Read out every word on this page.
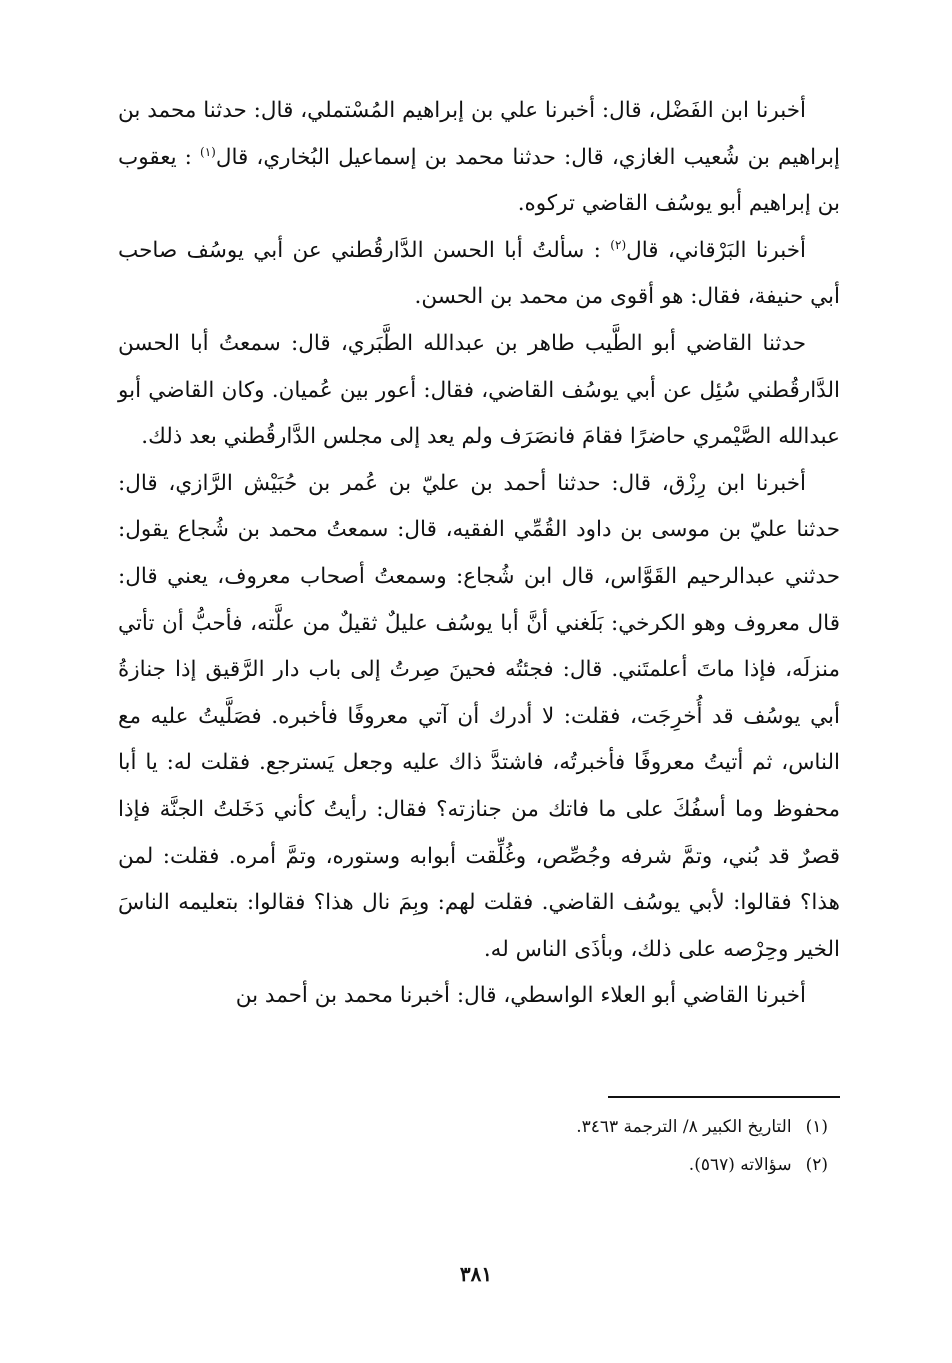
أخبرنا ابن الفَضْل، قال: أخبرنا علي بن إبراهيم المُسْتملي، قال: حدثنا محمد بن إبراهيم بن شُعيب الغازي، قال: حدثنا محمد بن إسماعيل البُخاري، قال$^{(١)}$ : يعقوب بن إبراهيم أبو يوسُف القاضي تركوه.

أخبرنا البَرْقاني، قال$^{(٢)}$ : سألتُ أبا الحسن الدَّارقُطني عن أبي يوسُف صاحب أبي حنيفة، فقال: هو أقوى من محمد بن الحسن.

حدثنا القاضي أبو الطَّيب طاهر بن عبدالله الطَّبَري، قال: سمعتُ أبا الحسن الدَّارقُطني سُئِل عن أبي يوسُف القاضي، فقال: أعور بين عُميان. وكان القاضي أبو عبدالله الصَّيْمري حاضرًا فقامَ فانصَرَف ولم يعد إلى مجلس الدَّارقُطني بعد ذلك.

أخبرنا ابن رِزْق، قال: حدثنا أحمد بن عليّ بن عُمر بن حُبَيْش الرَّازي، قال: حدثنا عليّ بن موسى بن داود القُمِّي الفقيه، قال: سمعتُ محمد بن شُجاع يقول: حدثني عبدالرحيم القَوَّاس، قال ابن شُجاع: وسمعتُ أصحاب معروف، يعني قال: قال معروف وهو الكرخي: بَلَغني أنَّ أبا يوسُف عليلٌ ثقيلٌ من علَّته، فأحبُّ أن تأتي منزلَه، فإذا ماتَ أعلمتَني. قال: فجئتُه فحينَ صِرتُ إلى باب دار الرَّقيق إذا جنازةُ أبي يوسُف قد أُخرِجَت، فقلت: لا أدرك أن آتي معروفًا فأخبره. فصَلَّيتُ عليه مع الناس، ثم أتيتُ معروفًا فأخبرتُه، فاشتدَّ ذاك عليه وجعل يَسترجع. فقلت له: يا أبا محفوظ وما أسفُكَ على ما فاتك من جنازته؟ فقال: رأيتُ كأني دَخَلتُ الجنَّة فإذا قصرٌ قد بُني، وتمَّ شرفه وجُصِّص، وغُلِّقت أبوابه وستوره، وتمَّ أمره. فقلت: لمن هذا؟ فقالوا: لأبي يوسُف القاضي. فقلت لهم: وبِمَ نال هذا؟ فقالوا: بتعليمه الناسَ الخير وحِرْصه على ذلك، وبأذَى الناس له.

أخبرنا القاضي أبو العلاء الواسطي، قال: أخبرنا محمد بن أحمد بن

(١)التاريخ الكبير ٨/ الترجمة ٣٤٦٣.

(٢)سؤالاته (٥٦٧).

٣٨١
